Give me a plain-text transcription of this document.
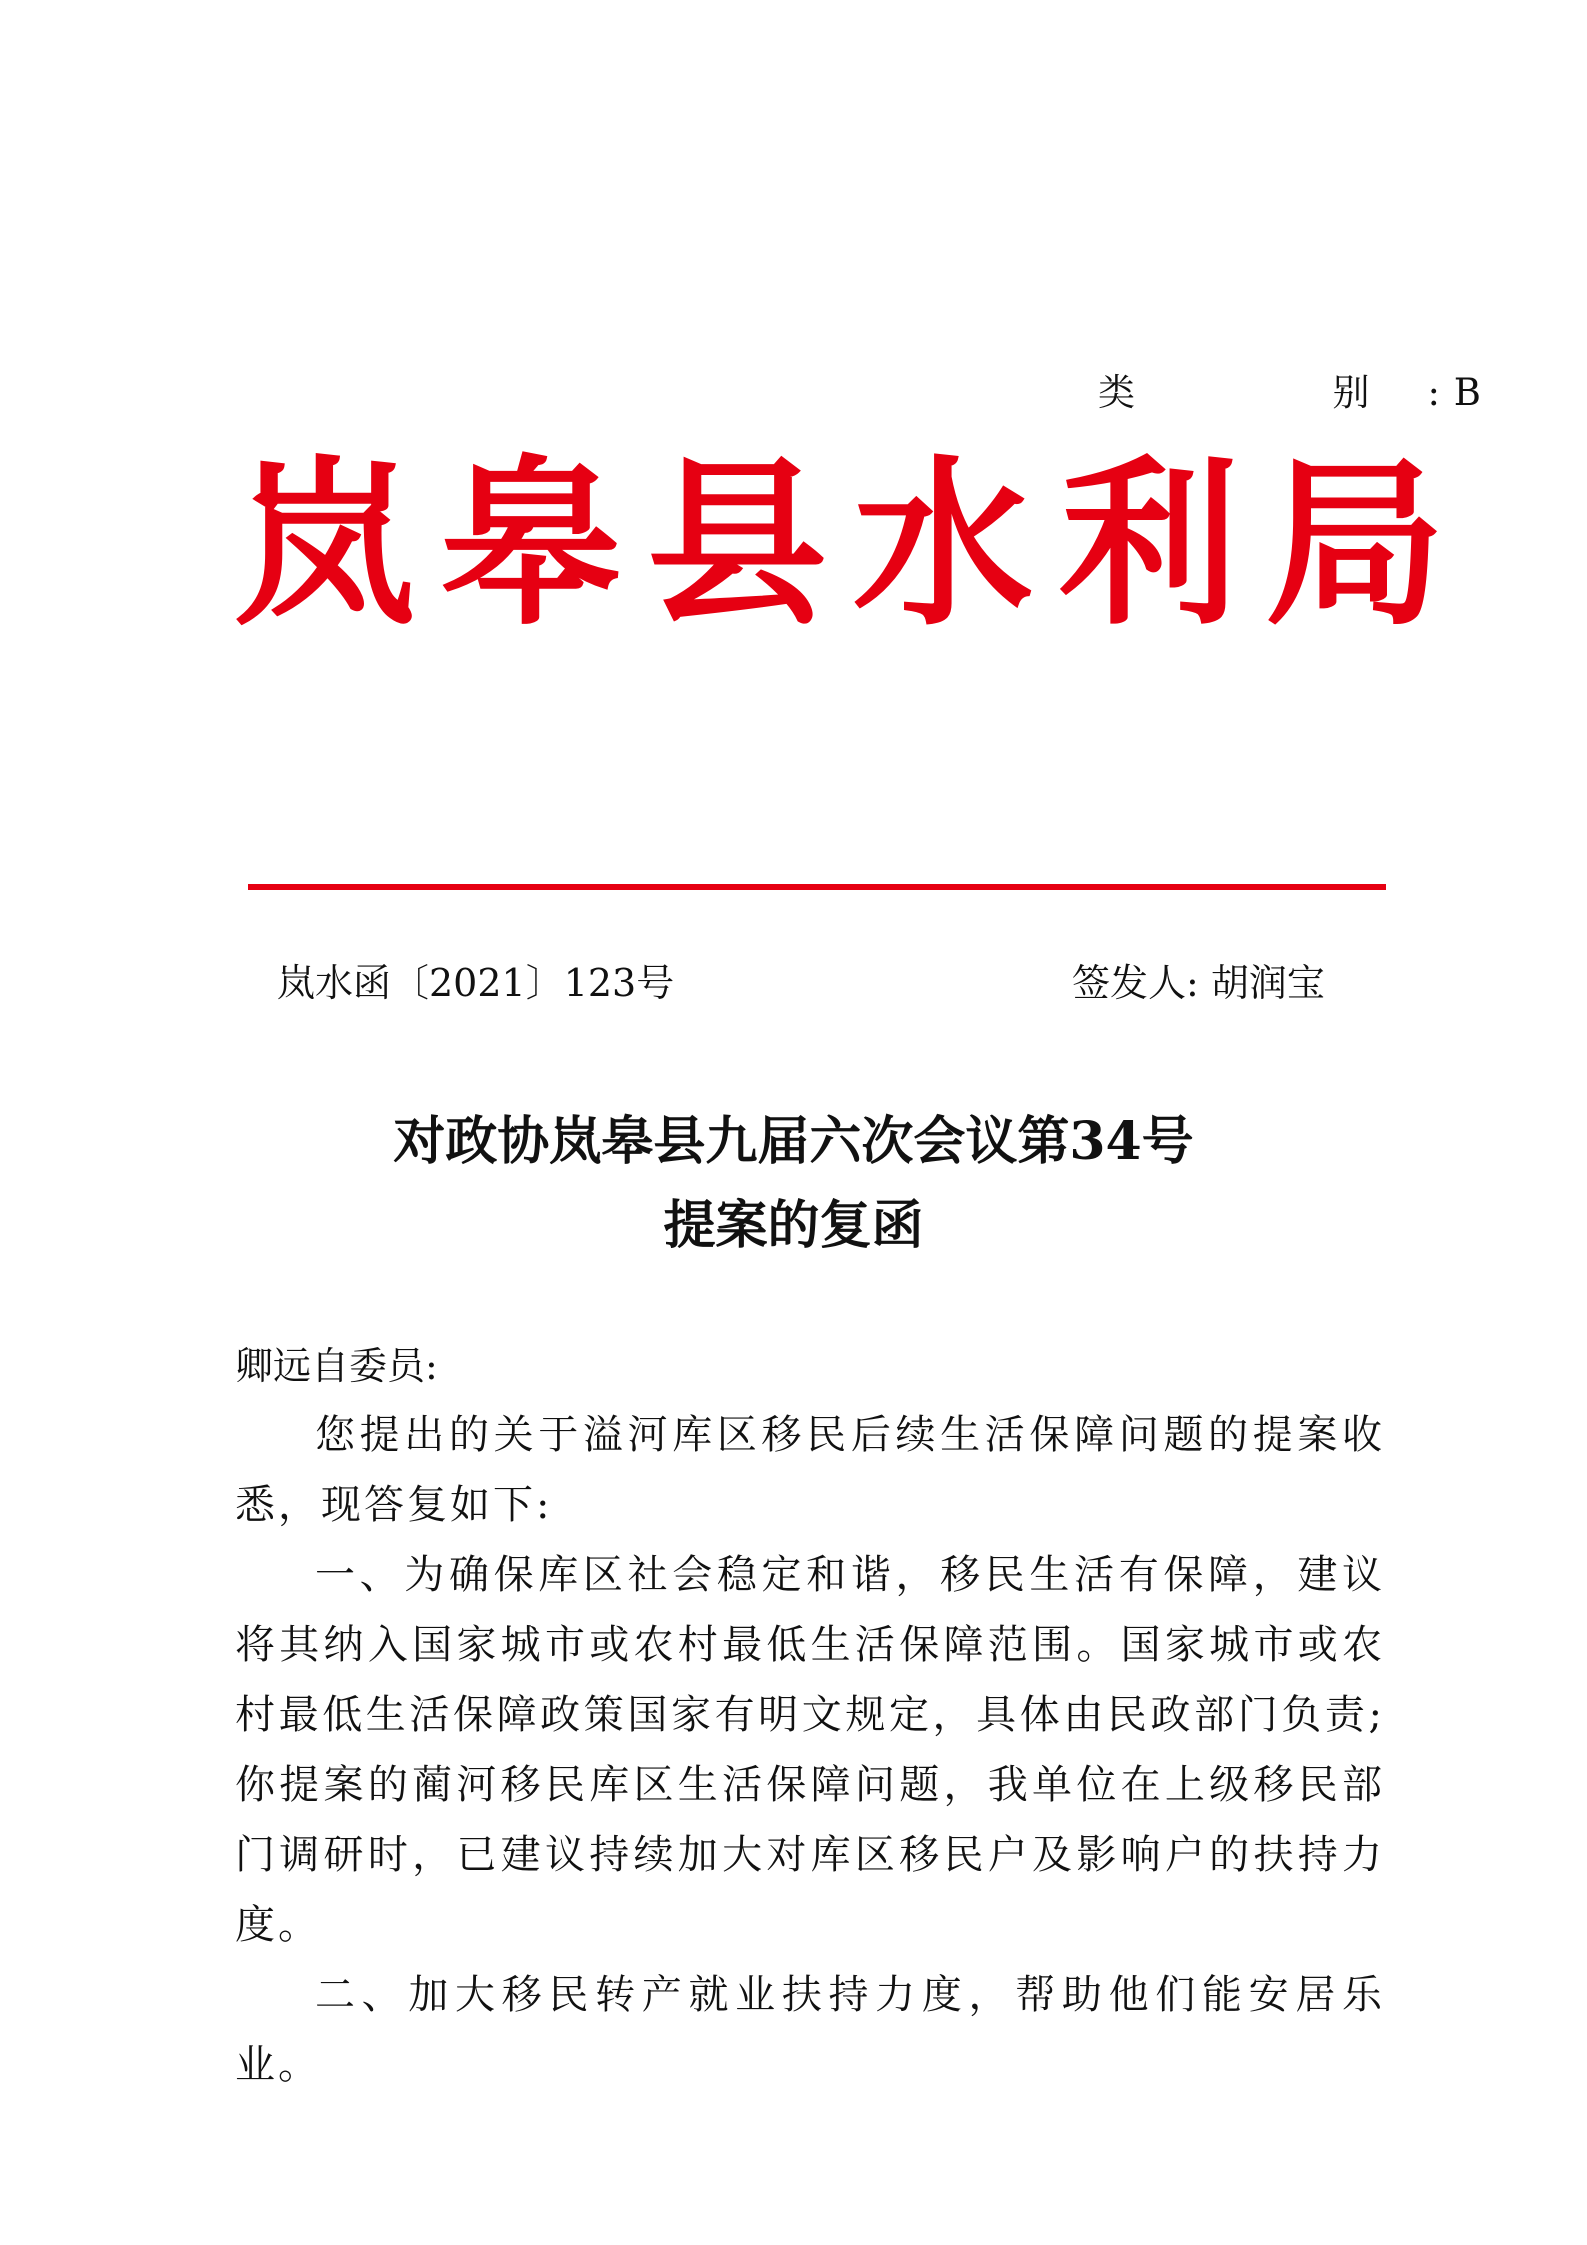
类  别: B
岚皋县水利局
岚水函〔2021〕123号	签发人: 胡润宝
对政协岚皋县九届六次会议第34号
提案的复函
卿远自委员:

您提出的关于溢河库区移民后续生活保障问题的提案收悉，现答复如下:

一、为确保库区社会稳定和谐，移民生活有保障，建议将其纳入国家城市或农村最低生活保障范围。国家城市或农村最低生活保障政策国家有明文规定，具体由民政部门负责;你提案的蔺河移民库区生活保障问题，我单位在上级移民部门调研时，已建议持续加大对库区移民户及影响户的扶持力度。

二、加大移民转产就业扶持力度，帮助他们能安居乐业。
